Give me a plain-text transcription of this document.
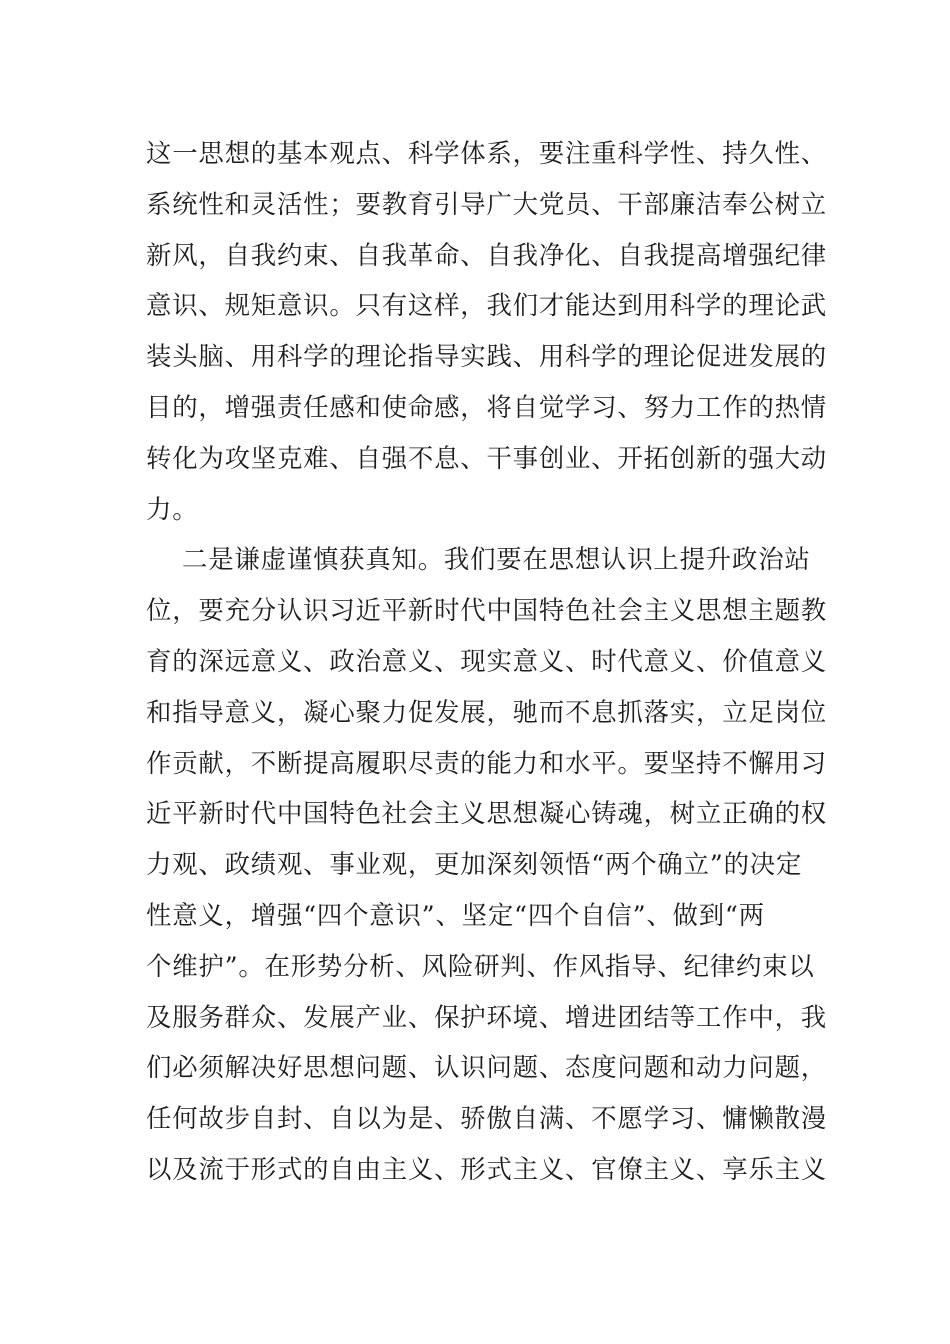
这一思想的基本观点、科学体系，要注重科学性、持久性、
系统性和灵活性；要教育引导广大党员、干部廉洁奉公树立
新风，自我约束、自我革命、自我净化、自我提高增强纪律
意识、规矩意识。只有这样，我们才能达到用科学的理论武
装头脑、用科学的理论指导实践、用科学的理论促进发展的
目的，增强责任感和使命感，将自觉学习、努力工作的热情
转化为攻坚克难、自强不息、干事创业、开拓创新的强大动
力。
二是谦虚谨慎获真知。我们要在思想认识上提升政治站
位，要充分认识习近平新时代中国特色社会主义思想主题教
育的深远意义、政治意义、现实意义、时代意义、价值意义
和指导意义，凝心聚力促发展，驰而不息抓落实，立足岗位
作贡献，不断提高履职尽责的能力和水平。要坚持不懈用习
近平新时代中国特色社会主义思想凝心铸魂，树立正确的权
力观、政绩观、事业观，更加深刻领悟“两个确立”的决定
性意义，增强“四个意识”、坚定“四个自信”、做到“两
个维护”。在形势分析、风险研判、作风指导、纪律约束以
及服务群众、发展产业、保护环境、增进团结等工作中，我
们必须解决好思想问题、认识问题、态度问题和动力问题，
任何故步自封、自以为是、骄傲自满、不愿学习、慵懒散漫
以及流于形式的自由主义、形式主义、官僚主义、享乐主义
